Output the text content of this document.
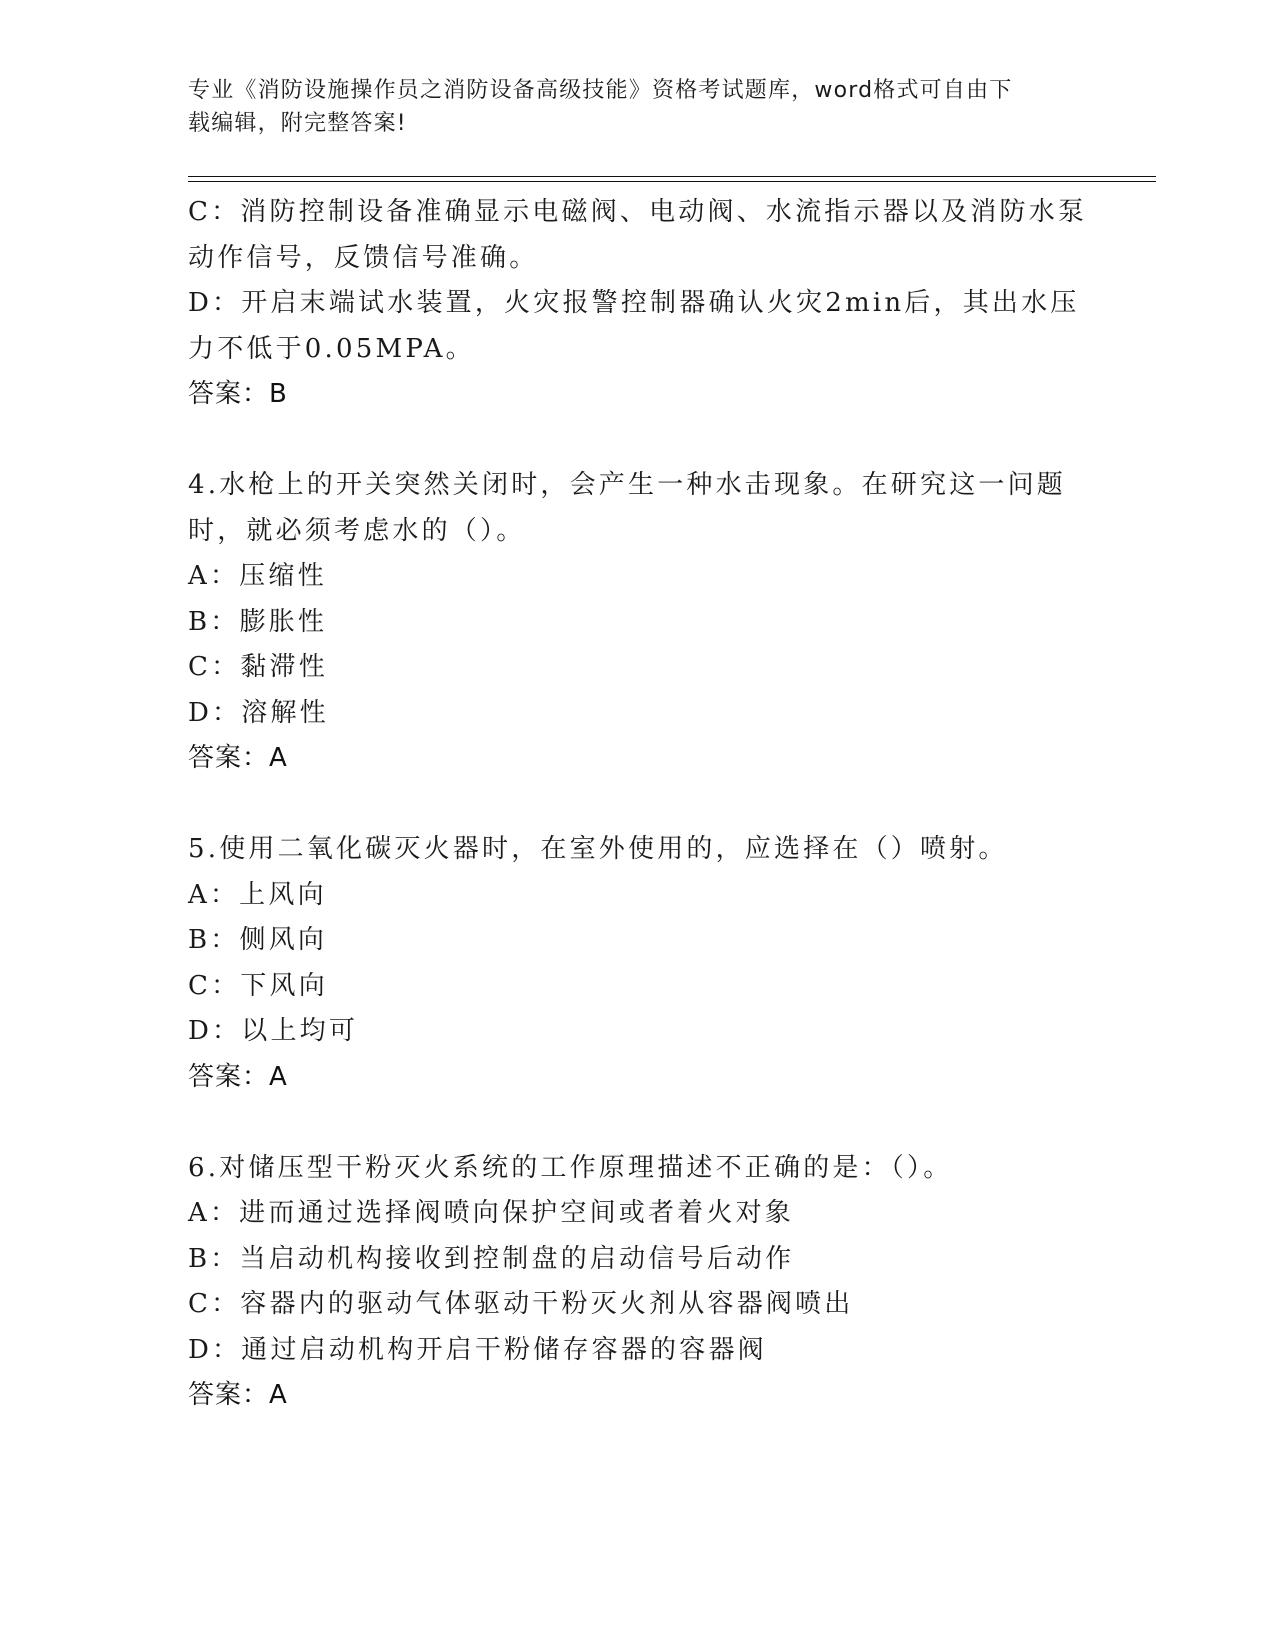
专业《消防设施操作员之消防设备高级技能》资格考试题库，word格式可自由下
载编辑，附完整答案!
C：消防控制设备准确显示电磁阀、电动阀、水流指示器以及消防水泵
动作信号，反馈信号准确。
D：开启末端试水装置，火灾报警控制器确认火灾2min后，其出水压
力不低于0.05MPA。
答案：B
4.水枪上的开关突然关闭时，会产生一种水击现象。在研究这一问题
时，就必须考虑水的（）。
A：压缩性
B：膨胀性
C：黏滞性
D：溶解性
答案：A
5.使用二氧化碳灭火器时，在室外使用的，应选择在（）喷射。
A：上风向
B：侧风向
C：下风向
D：以上均可
答案：A
6.对储压型干粉灭火系统的工作原理描述不正确的是：（）。
A：进而通过选择阀喷向保护空间或者着火对象
B：当启动机构接收到控制盘的启动信号后动作
C：容器内的驱动气体驱动干粉灭火剂从容器阀喷出
D：通过启动机构开启干粉储存容器的容器阀
答案：A
